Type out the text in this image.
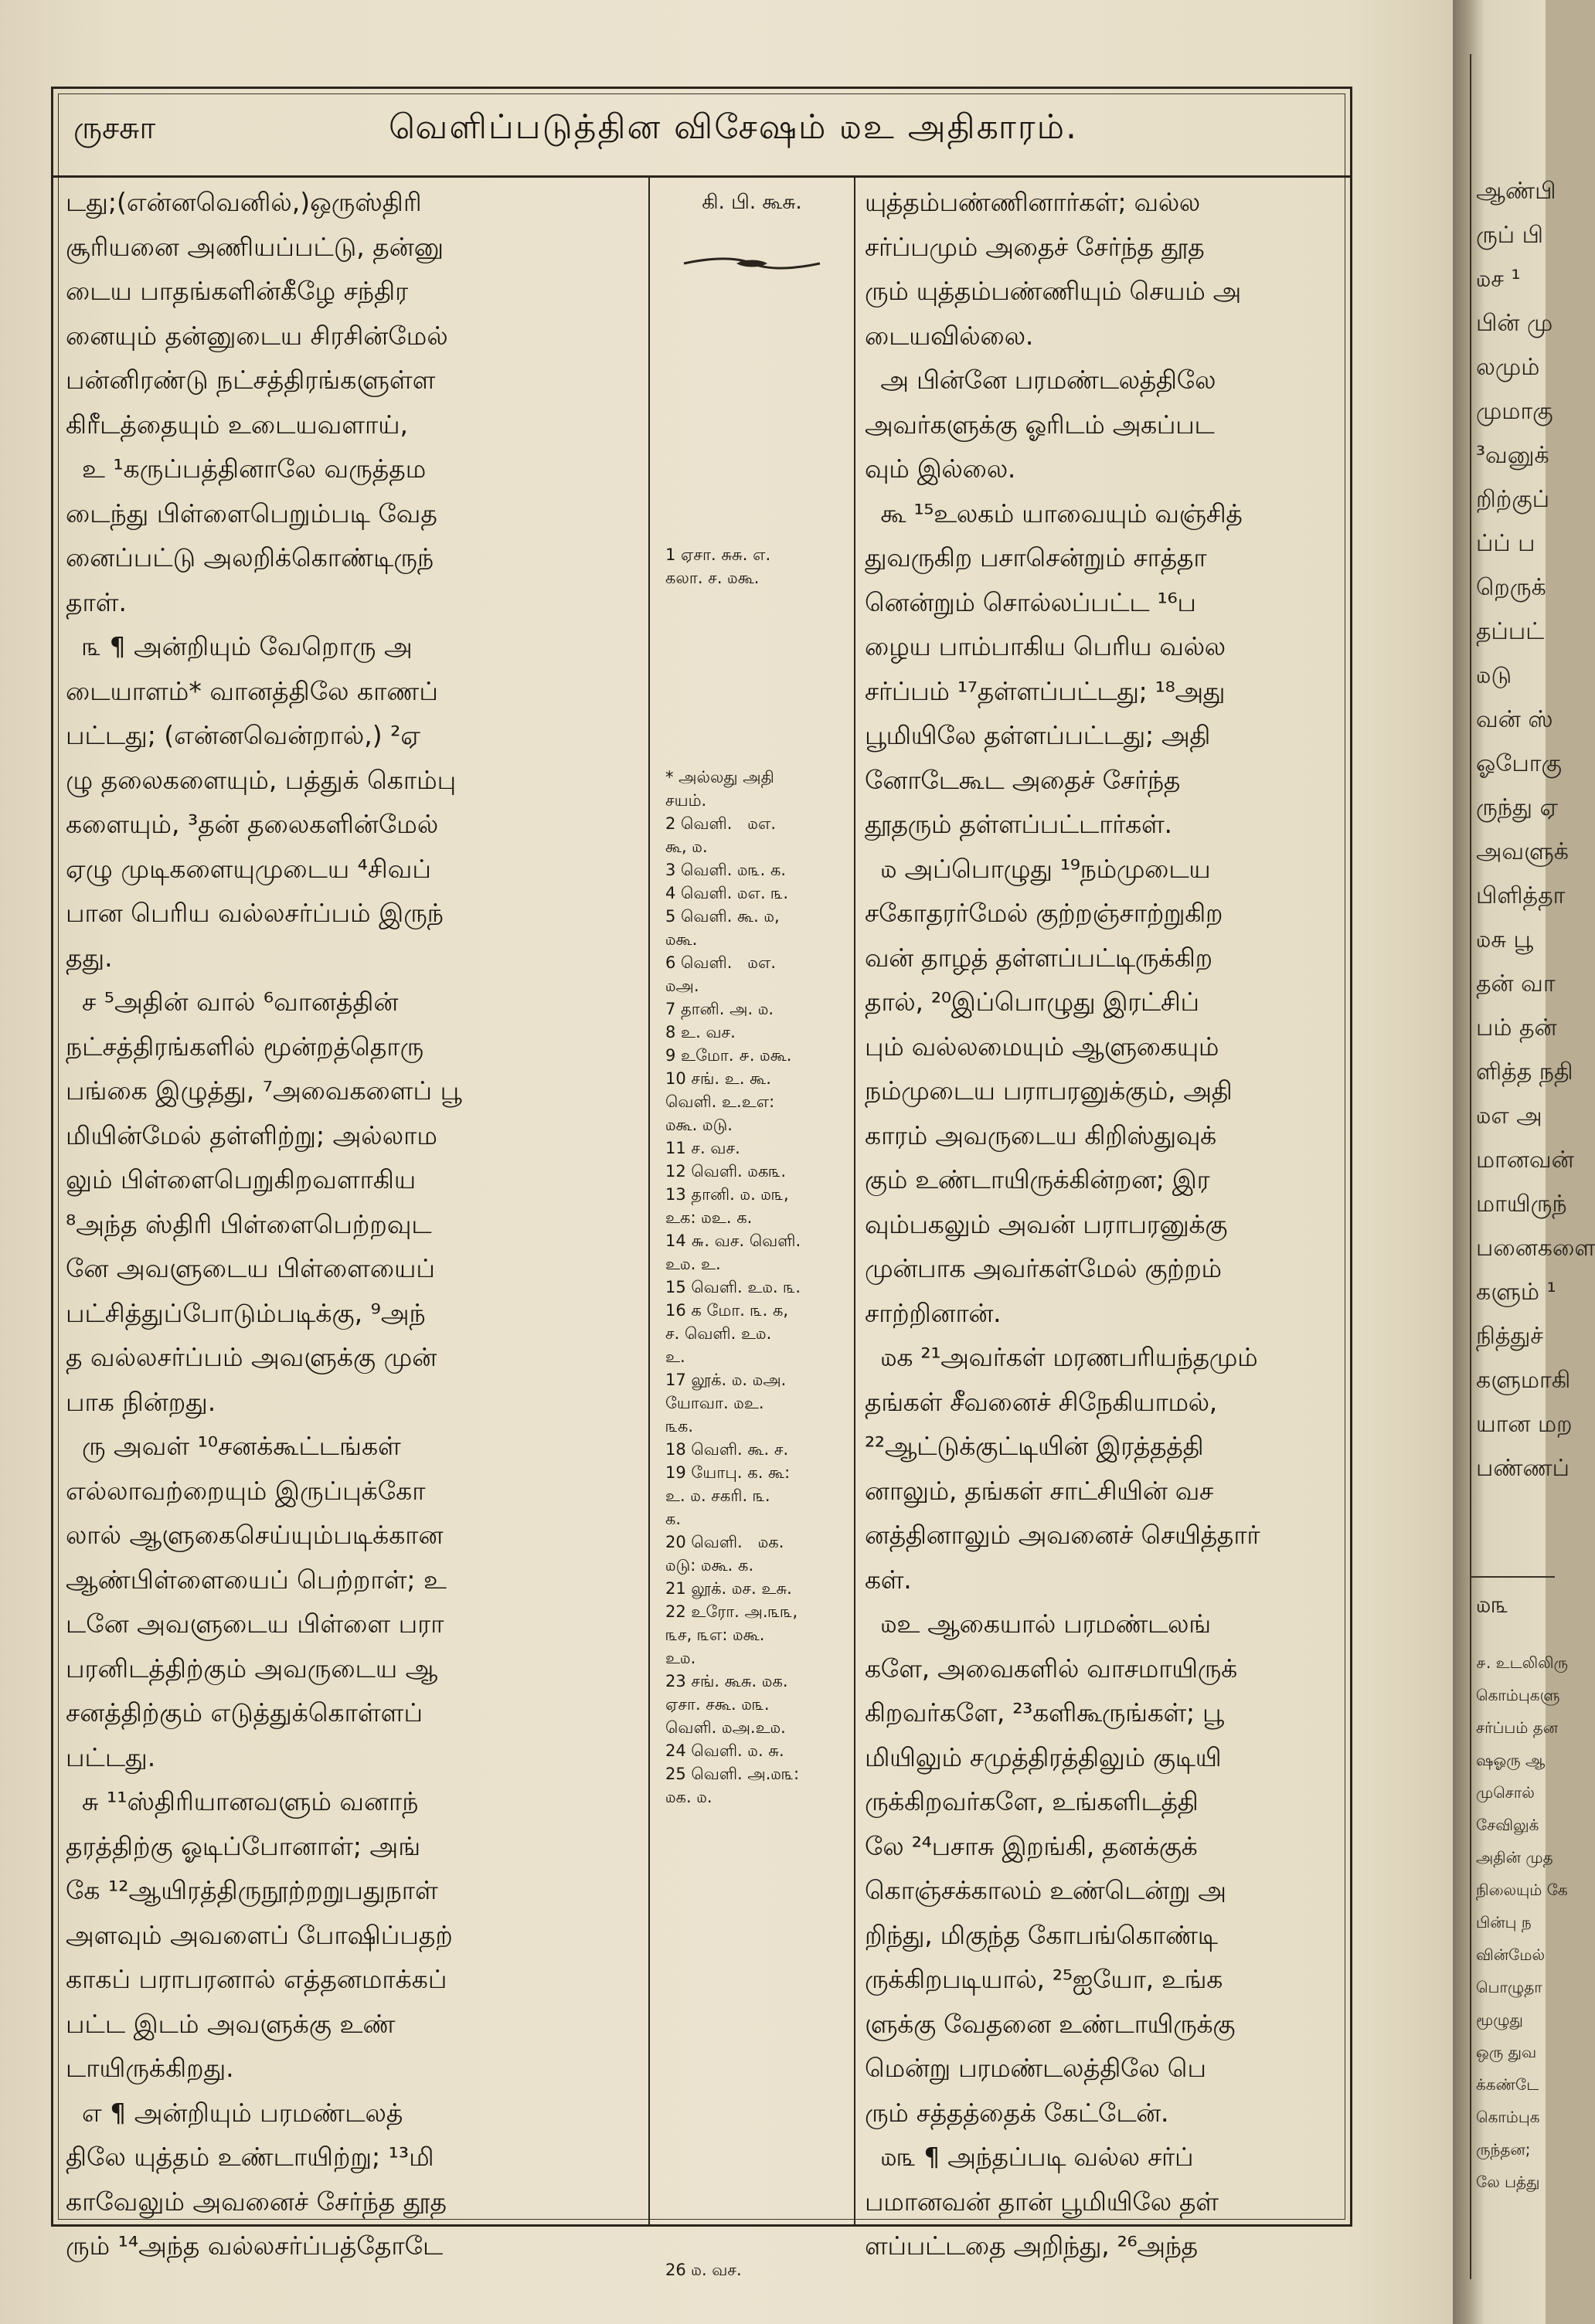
ருசசுா	வெளிப்படுத்தின விசேஷம் ௰உ அதிகாரம்.
டது;(என்னவெனில்,)ஒருஸ்திரி
சூரியனை அணியப்பட்டு, தன்னு
டைய பாதங்களின்கீழே சந்திர
னையும் தன்னுடைய சிரசின்மேல்
பன்னிரண்டு நட்சத்திரங்களுள்ள
கிரீடத்தையும் உடையவளாய்,
உ ¹கருப்பத்தினாலே வருத்தம
டைந்து பிள்ளைபெறும்படி வேத
னைப்பட்டு அலறிக்கொண்டிருந்
தாள்.
௩ ¶ அன்றியும் வேறொரு அ
டையாளம்* வானத்திலே காணப்
பட்டது; (என்னவென்றால்,) ²ஏ
ழு தலைகளையும், பத்துக் கொம்பு
களையும், ³தன் தலைகளின்மேல்
ஏழு முடிகளையுமுடைய ⁴சிவப்
பான பெரிய வல்லசர்ப்பம் இருந்
தது.
ச ⁵அதின் வால் ⁶வானத்தின்
நட்சத்திரங்களில் மூன்றத்தொரு
பங்கை இழுத்து, ⁷அவைகளைப் பூ
மியின்மேல் தள்ளிற்று; அல்லாம
லும் பிள்ளைபெறுகிறவளாகிய
⁸அந்த ஸ்திரி பிள்ளைபெற்றவுட
னே அவளுடைய பிள்ளையைப்
பட்சித்துப்போடும்படிக்கு, ⁹அந்
த வல்லசர்ப்பம் அவளுக்கு முன்
பாக நின்றது.
ரு அவள் ¹⁰சனக்கூட்டங்கள்
எல்லாவற்றையும் இருப்புக்கோ
லால் ஆளுகைசெய்யும்படிக்கான
ஆண்பிள்ளையைப் பெற்றாள்; உ
டனே அவளுடைய பிள்ளை பரா
பரனிடத்திற்கும் அவருடைய ஆ
சனத்திற்கும் எடுத்துக்கொள்ளப்
பட்டது.
சு ¹¹ஸ்திரியானவளும் வனாந்
தரத்திற்கு ஓடிப்போனாள்; அங்
கே ¹²ஆயிரத்திருநூற்றறுபதுநாள்
அளவும் அவளைப் போஷிப்பதற்
காகப் பராபரனால் எத்தனமாக்கப்
பட்ட இடம் அவளுக்கு உண்
டாயிருக்கிறது.
எ ¶ அன்றியும் பரமண்டலத்
திலே யுத்தம் உண்டாயிற்று; ¹³மி
காவேலும் அவனைச் சேர்ந்த தூத
ரும் ¹⁴அந்த வல்லசர்ப்பத்தோடே
கி. பி. கூசு.
1 ஏசா. சுசு. எ.
கலா. ச. ௰கூ.
* அல்லது அதி
சயம்.
2 வெளி.   ௰எ.
கூ, ௰.
3 வெளி. ௰௩. க.
4 வெளி. ௰எ. ௩.
5 வெளி. கூ. ௰,
௰கூ.
6 வெளி.   ௰எ.
௰அ.
7 தானி. அ. ௰.
8 உ. வச.
9 உமோ. ௪. ௰கூ.
10 சங். உ. கூ.
வெளி. உ.உஎ:
௰கூ. ௰டு.
11 ச. வச.
12 வெளி. ௰க௩.
13 தானி. ௰. ௰௩,
உக: ௰உ. க.
14 ௬. வச. வெளி.
உ௰. உ.
15 வெளி. உ௰. ௩.
16 க மோ. ௩. க,
ச. வெளி. உ௰.
உ.
17 லூக். ௰. ௰அ.
யோவா. ௰உ.
௩க.
18 வெளி. கூ. ச.
19 யோபு. க. கூ:
உ. ௰. சகரி. ௩.
க.
20 வெளி.   ௰க.
௰டு: ௰கூ. க.
21 லூக். ௰ச. உசு.
22 உரோ. அ.௩௩,
௩ச, ௩எ: ௰கூ.
உ௰.
23 சங். கூசு. ௰க.
ஏசா. சகூ. ௰௩.
வெளி. ௰அ.உ௰.
24 வெளி. ௰. சு.
25 வெளி. அ.௰௩:
௰க. ௰.
26 ௰. வச.
யுத்தம்பண்ணினார்கள்; வல்ல
சர்ப்பமும் அதைச் சேர்ந்த தூத
ரும் யுத்தம்பண்ணியும் செயம் அ
டையவில்லை.
அ பின்னே பரமண்டலத்திலே
அவர்களுக்கு ஓரிடம் அகப்பட
வும் இல்லை.
கூ ¹⁵உலகம் யாவையும் வஞ்சித்
துவருகிற பசாசென்றும் சாத்தா
னென்றும் சொல்லப்பட்ட ¹⁶ப
ழைய பாம்பாகிய பெரிய வல்ல
சர்ப்பம் ¹⁷தள்ளப்பட்டது; ¹⁸அது
பூமியிலே தள்ளப்பட்டது; அதி
னோடேகூட அதைச் சேர்ந்த
தூதரும் தள்ளப்பட்டார்கள்.
௰ அப்பொழுது ¹⁹நம்முடைய
சகோதரர்மேல் குற்றஞ்சாற்றுகிற
வன் தாழத் தள்ளப்பட்டிருக்கிற
தால், ²⁰இப்பொழுது இரட்சிப்
பும் வல்லமையும் ஆளுகையும்
நம்முடைய பராபரனுக்கும், அதி
காரம் அவருடைய கிறிஸ்துவுக்
கும் உண்டாயிருக்கின்றன; இர
வும்பகலும் அவன் பராபரனுக்கு
முன்பாக அவர்கள்மேல் குற்றம்
சாற்றினான்.
௰க ²¹அவர்கள் மரணபரியந்தமும்
தங்கள் சீவனைச் சிநேகியாமல்,
²²ஆட்டுக்குட்டியின் இரத்தத்தி
னாலும், தங்கள் சாட்சியின் வச
னத்தினாலும் அவனைச் செயித்தார்
கள்.
௰உ ஆகையால் பரமண்டலங்
களே, அவைகளில் வாசமாயிருக்
கிறவர்களே, ²³களிகூருங்கள்; பூ
மியிலும் சமுத்திரத்திலும் குடியி
ருக்கிறவர்களே, உங்களிடத்தி
லே ²⁴பசாசு இறங்கி, தனக்குக்
கொஞ்சக்காலம் உண்டென்று அ
றிந்து, மிகுந்த கோபங்கொண்டி
ருக்கிறபடியால், ²⁵ஐயோ, உங்க
ளுக்கு வேதனை உண்டாயிருக்கு
மென்று பரமண்டலத்திலே பெ
ரும் சத்தத்தைக் கேட்டேன்.
௰௩ ¶ அந்தப்படி வல்ல சர்ப்
பமானவன் தான் பூமியிலே தள்
ளப்பட்டதை அறிந்து, ²⁶அந்த
ஆண்பி
ருப் பி
௰ச ¹
பின் மு
லமும்
முமாகு
³வனுக்
றிற்குப்
ப்ப் ப
றெருக்
தப்பட்
௰டு
வன் ஸ்
ஓபோகு
ருந்து ஏ
அவளுக்
பிளித்தா
௰சு பூ
தன் வா
பம் தன்
ளித்த நதி
௰எ அ
மானவன்
மாயிருந்
பனைகளை
களும் ¹
நித்துச்
களுமாகி
யான மற
பண்ணப்
௰௩
௪. உடலிலிரு
கொம்புகளு
சர்ப்பம் தன
ஷஓரு ஆ
முசொல்
சேவிலுக்
அதின் முத
நிலையும் கே
பின்பு ந
வின்மேல்
பொழுதா
மூழுது
ஒரு துவ
க்கண்டே
கொம்புக
ருந்தன;
லே பத்து
